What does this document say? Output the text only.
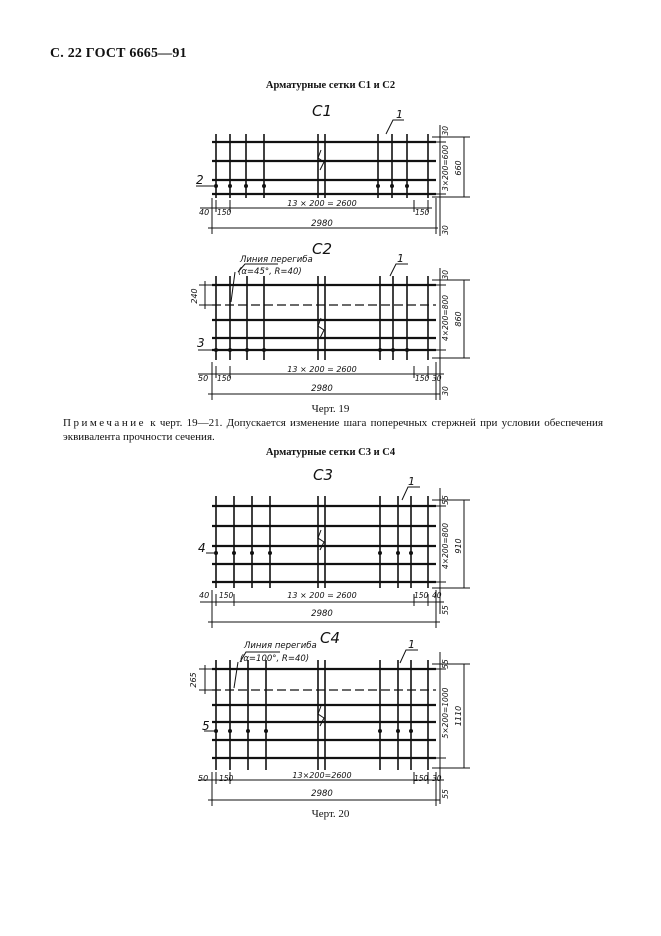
С. 22 ГОСТ 6665—91
Арматурные сетки С1 и С2
С1	1
2
40 150
13 × 200 = 2600
150
2980
30
3×200=600 660
30
С2
Линия перегиба
(α=45°, R=40)
1
3
240
50 150
13 × 200 = 2600
150 30
2980
30
4×200=800 860
30
С3	1
4
40 150	13 × 200 = 2600	150 40
2980
55
4×200=800 910
55
С4
Линия перегиба
(α=100°, R=40)
1
5
265
50 150	13×200=2600	150 30
2980
55
5×200=1000 1110
55
Черт. 19
Примечание к черт. 19—21. Допускается изменение шага поперечных стержней при условии обеспечения эквивалента прочности сечения.
Арматурные сетки С3 и С4
Черт. 20
